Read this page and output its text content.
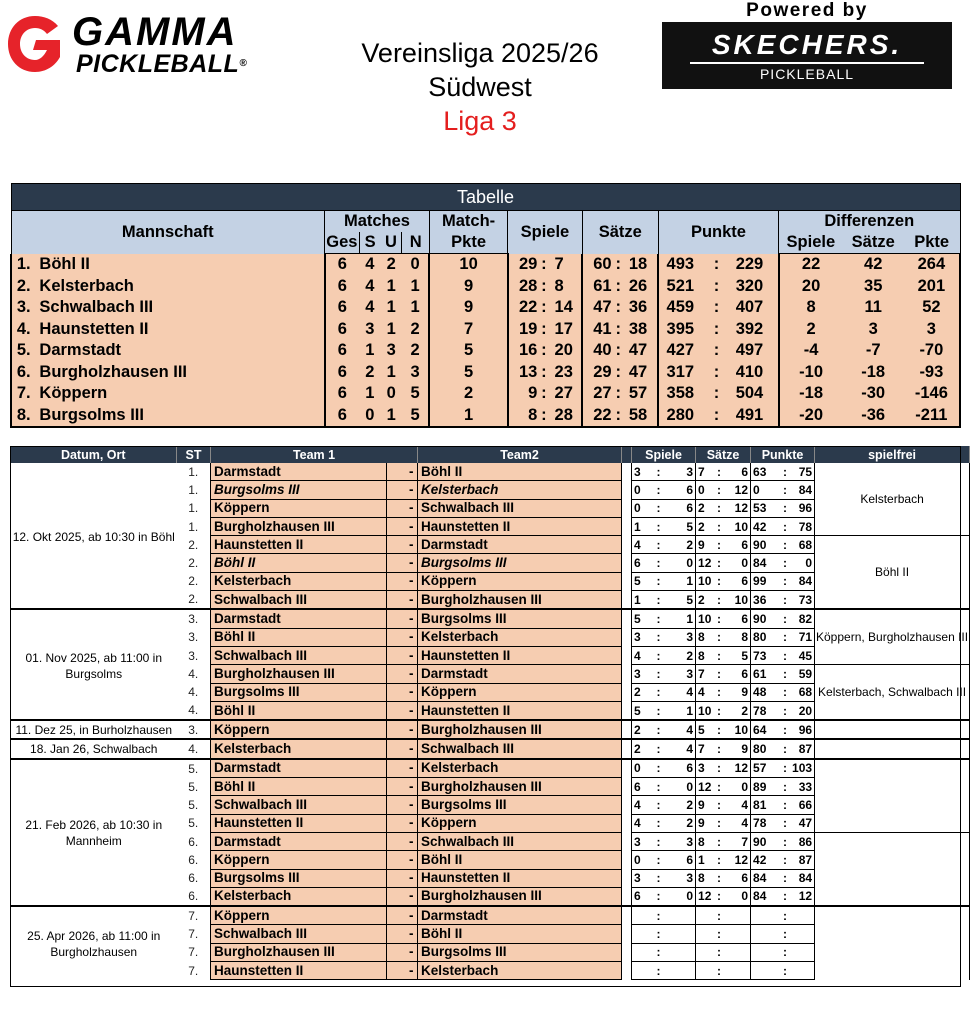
GAMMA
PICKLEBALL®	Vereinsliga 2025/26
Südwest
Liga 3
Powered by
SKECHERS.
PICKLEBALL
Tabelle																		
Mannschaft		Matches				Match-	Spiele			Sätze			Punkte			Differenzen		
		Ges	S	U	N	Pkte										Spiele	Sätze	Pkte
1.	Böhl II	6	4	2	0	10	29	:	7	60	:	18	493	:	229	22	42	264
2.	Kelsterbach	6	4	1	1	9	28	:	8	61	:	26	521	:	320	20	35	201
3.	Schwalbach III	6	4	1	1	9	22	:	14	47	:	36	459	:	407	8	11	52
4.	Haunstetten II	6	3	1	2	7	19	:	17	41	:	38	395	:	392	2	3	3
5.	Darmstadt	6	1	3	2	5	16	:	20	40	:	47	427	:	497	-4	-7	-70
6.	Burgholzhausen III	6	2	1	3	5	13	:	23	29	:	47	317	:	410	-10	-18	-93
7.	Köppern	6	1	0	5	2	9	:	27	27	:	57	358	:	504	-18	-30	-146
8.	Burgsolms III	6	0	1	5	1	8	:	28	22	:	58	280	:	491	-20	-36	-211
Datum, Ort	ST	Team 1			Team2		Spiele			Sätze			Punkte			spielfrei
12. Okt 2025, ab 10:30 in Böhl	1.	Darmstadt		-	Böhl II		3	:	3	7	:	6	63	:	75	Kelsterbach
	1.	Burgsolms III		-	Kelsterbach		0	:	6	0	:	12	0	:	84	
	1.	Köppern		-	Schwalbach III		0	:	6	2	:	12	53	:	96	
	1.	Burgholzhausen III		-	Haunstetten II		1	:	5	2	:	10	42	:	78	
	2.	Haunstetten II		-	Darmstadt		4	:	2	9	:	6	90	:	68	Böhl II
	2.	Böhl II		-	Burgsolms III		6	:	0	12	:	0	84	:	0	
	2.	Kelsterbach		-	Köppern		5	:	1	10	:	6	99	:	84	
	2.	Schwalbach III		-	Burgholzhausen III		1	:	5	2	:	10	36	:	73	
01. Nov 2025, ab 11:00 in Burgsolms	3.	Darmstadt		-	Burgsolms III		5	:	1	10	:	6	90	:	82	Köppern, Burgholzhausen III
	3.	Böhl II		-	Kelsterbach		3	:	3	8	:	8	80	:	71	
	3.	Schwalbach III		-	Haunstetten II		4	:	2	8	:	5	73	:	45	
	4.	Burgholzhausen III		-	Darmstadt		3	:	3	7	:	6	61	:	59	Kelsterbach, Schwalbach III
	4.	Burgsolms III		-	Köppern		2	:	4	4	:	9	48	:	68	
	4.	Böhl II		-	Haunstetten II		5	:	1	10	:	2	78	:	20	
11. Dez 25, in Burholzhausen	3.	Köppern		-	Burgholzhausen III		2	:	4	5	:	10	64	:	96	
18. Jan 26, Schwalbach	4.	Kelsterbach		-	Schwalbach III		2	:	4	7	:	9	80	:	87	
21. Feb 2026, ab 10:30 in Mannheim	5.	Darmstadt		-	Kelsterbach		0	:	6	3	:	12	57	:	103	
	5.	Böhl II		-	Burgholzhausen III		6	:	0	12	:	0	89	:	33	
	5.	Schwalbach III		-	Burgsolms III		4	:	2	9	:	4	81	:	66	
	5.	Haunstetten II		-	Köppern		4	:	2	9	:	4	78	:	47	
	6.	Darmstadt		-	Schwalbach III		3	:	3	8	:	7	90	:	86	
	6.	Köppern		-	Böhl II		0	:	6	1	:	12	42	:	87	
	6.	Burgsolms III		-	Haunstetten II		3	:	3	8	:	6	84	:	84	
	6.	Kelsterbach		-	Burgholzhausen III		6	:	0	12	:	0	84	:	12	
25. Apr 2026, ab 11:00 in Burgholzhausen	7.	Köppern		-	Darmstadt			:			:			:		
	7.	Schwalbach III		-	Böhl II			:			:			:		
	7.	Burgholzhausen III		-	Burgsolms III			:			:			:		
	7.	Haunstetten II		-	Kelsterbach			:			:			:		
